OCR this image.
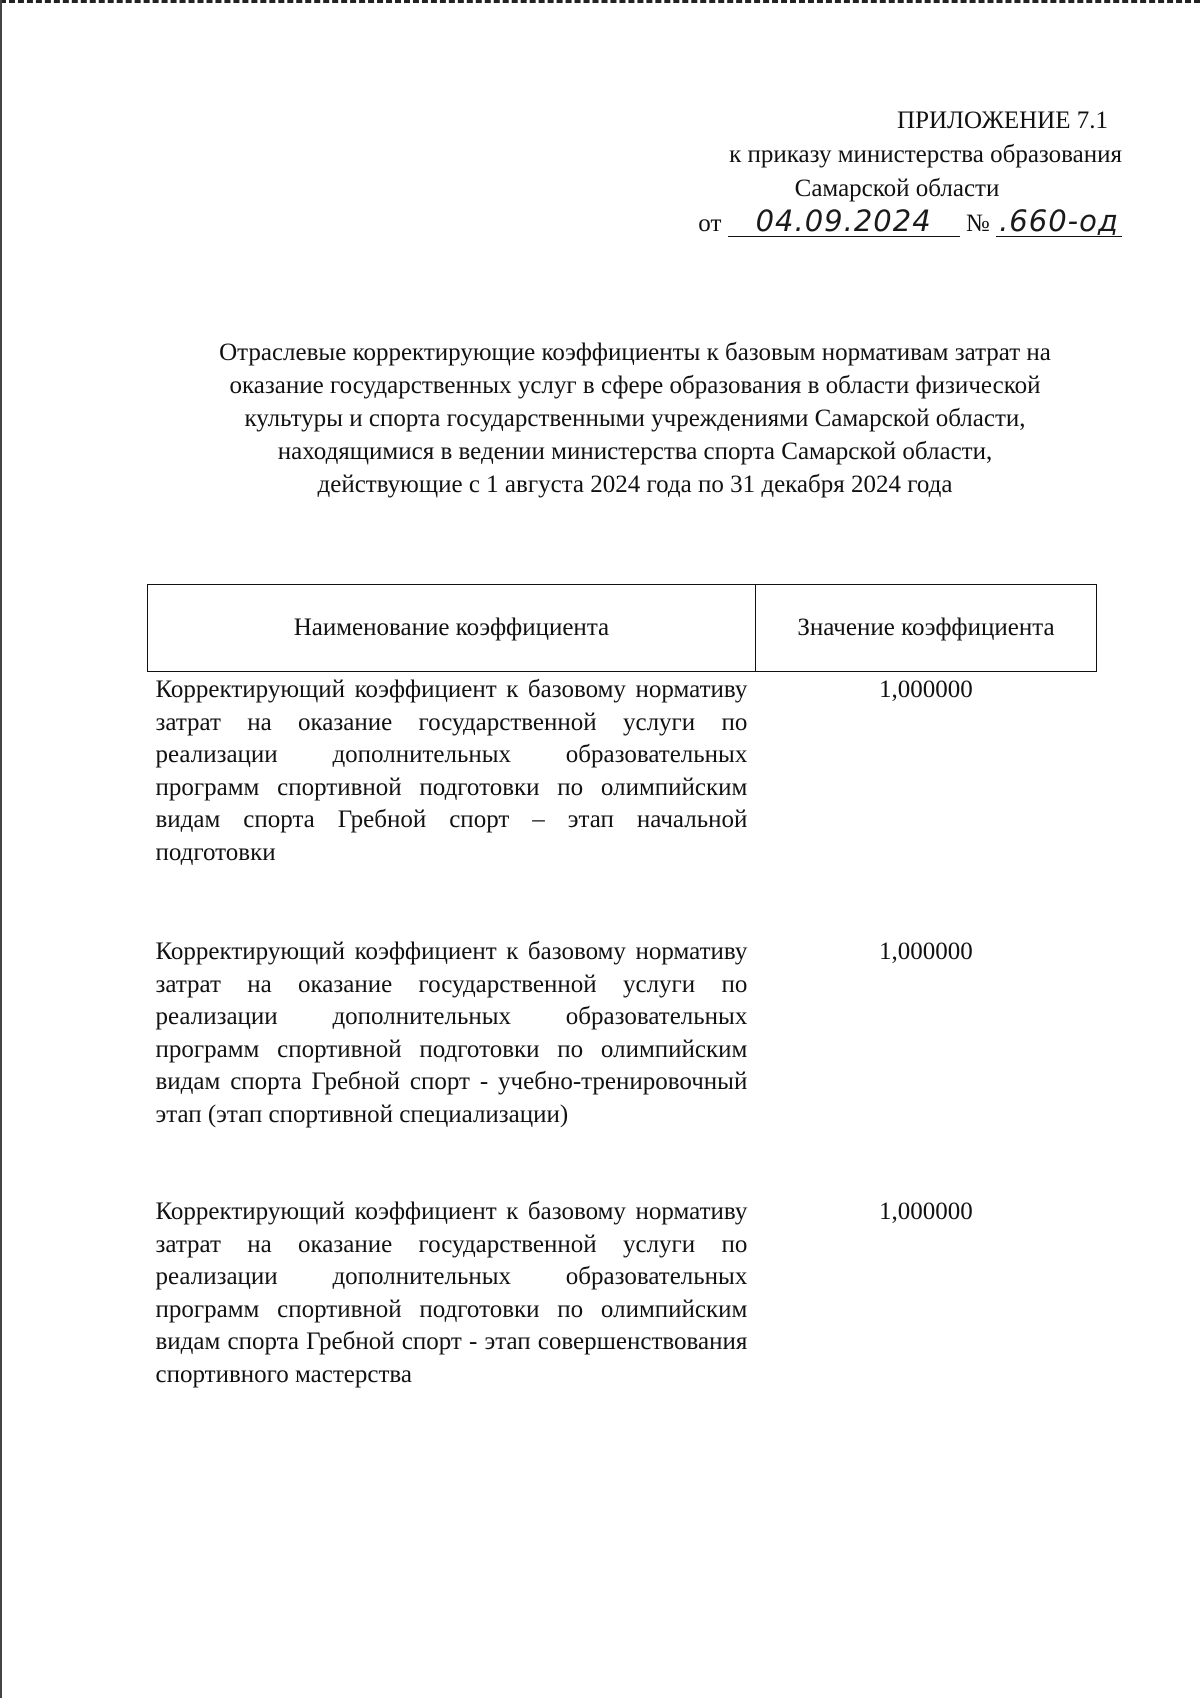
ПРИЛОЖЕНИЕ 7.1
к приказу министерства образования
Самарской области
от 04.09.2024 № .660-од
Отраслевые корректирующие коэффициенты к базовым нормативам затрат на
оказание государственных услуг в сфере образования в области физической
культуры и спорта государственными учреждениями Самарской области,
находящимися в ведении министерства спорта Самарской области,
действующие с 1 августа 2024 года по 31 декабря 2024 года
Наименование коэффициента	Значение коэффициента
Корректирующий коэффициент к базовому нормативу затрат на оказание государственной услуги по реализации дополнительных образовательных программ спортивной подготовки по олимпийским видам спорта Гребной спорт – этап начальной подготовки	1,000000
Корректирующий коэффициент к базовому нормативу затрат на оказание государственной услуги по реализации дополнительных образовательных программ спортивной подготовки по олимпийским видам спорта Гребной спорт - учебно-тренировочный этап (этап спортивной специализации)	1,000000
Корректирующий коэффициент к базовому нормативу затрат на оказание государственной услуги по реализации дополнительных образовательных программ спортивной подготовки по олимпийским видам спорта Гребной спорт - этап совершенствования спортивного мастерства	1,000000
